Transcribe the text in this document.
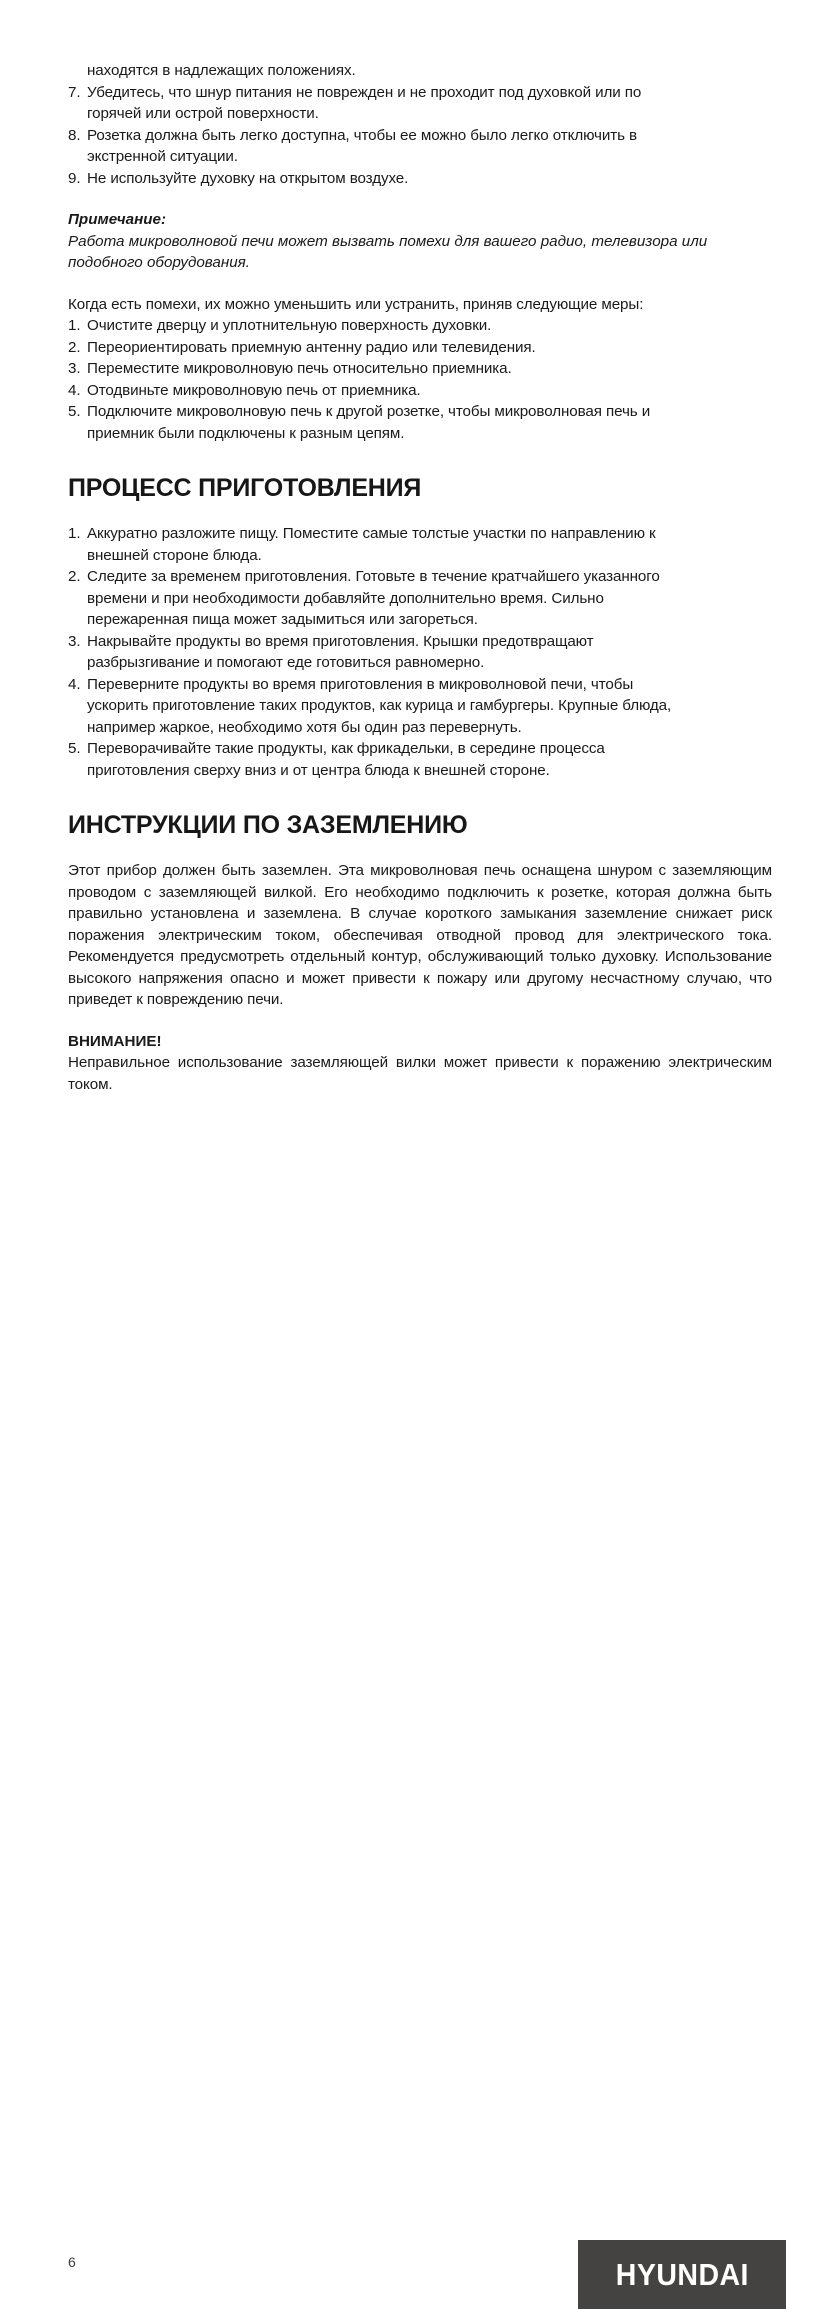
находятся в надлежащих положениях.
7. Убедитесь, что шнур питания не поврежден и не проходит под духовкой или по
горячей или острой поверхности.
8. Розетка должна быть легко доступна, чтобы ее можно было легко отключить в
экстренной ситуации.
9. Не используйте духовку на открытом воздухе.
Примечание:
Работа микроволновой печи может вызвать помехи для вашего радио, телевизора или
подобного оборудования.
Когда есть помехи, их можно уменьшить или устранить, приняв следующие меры:
1. Очистите дверцу и уплотнительную поверхность духовки.
2. Переориентировать приемную антенну радио или телевидения.
3. Переместите микроволновую печь относительно приемника.
4. Отодвиньте микроволновую печь от приемника.
5. Подключите микроволновую печь к другой розетке, чтобы микроволновая печь и
приемник были подключены к разным цепям.
ПРОЦЕСС ПРИГОТОВЛЕНИЯ
1. Аккуратно разложите пищу. Поместите самые толстые участки по направлению к
внешней стороне блюда.
2. Следите за временем приготовления. Готовьте в течение кратчайшего указанного
времени и при необходимости добавляйте дополнительно время. Сильно
пережаренная пища может задымиться или загореться.
3. Накрывайте продукты во время приготовления. Крышки предотвращают
разбрызгивание и помогают еде готовиться равномерно.
4. Переверните продукты во время приготовления в микроволновой печи, чтобы
ускорить приготовление таких продуктов, как курица и гамбургеры. Крупные блюда,
например жаркое, необходимо хотя бы один раз перевернуть.
5. Переворачивайте такие продукты, как фрикадельки, в середине процесса
приготовления сверху вниз и от центра блюда к внешней стороне.
ИНСТРУКЦИИ ПО ЗАЗЕМЛЕНИЮ

Этот прибор должен быть заземлен. Эта микроволновая печь оснащена шнуром с заземляющим проводом с заземляющей вилкой. Его необходимо подключить к розетке, которая должна быть правильно установлена и заземлена. В случае короткого замыкания заземление снижает риск поражения электрическим током, обеспечивая отводной провод для электрического тока. Рекомендуется предусмотреть отдельный контур, обслуживающий только духовку. Использование высокого напряжения опасно и может привести к пожару или другому несчастному случаю, что приведет к повреждению печи.

ВНИМАНИЕ!

Неправильное использование заземляющей вилки может привести к поражению электрическим током.

6	HYUNDAI
